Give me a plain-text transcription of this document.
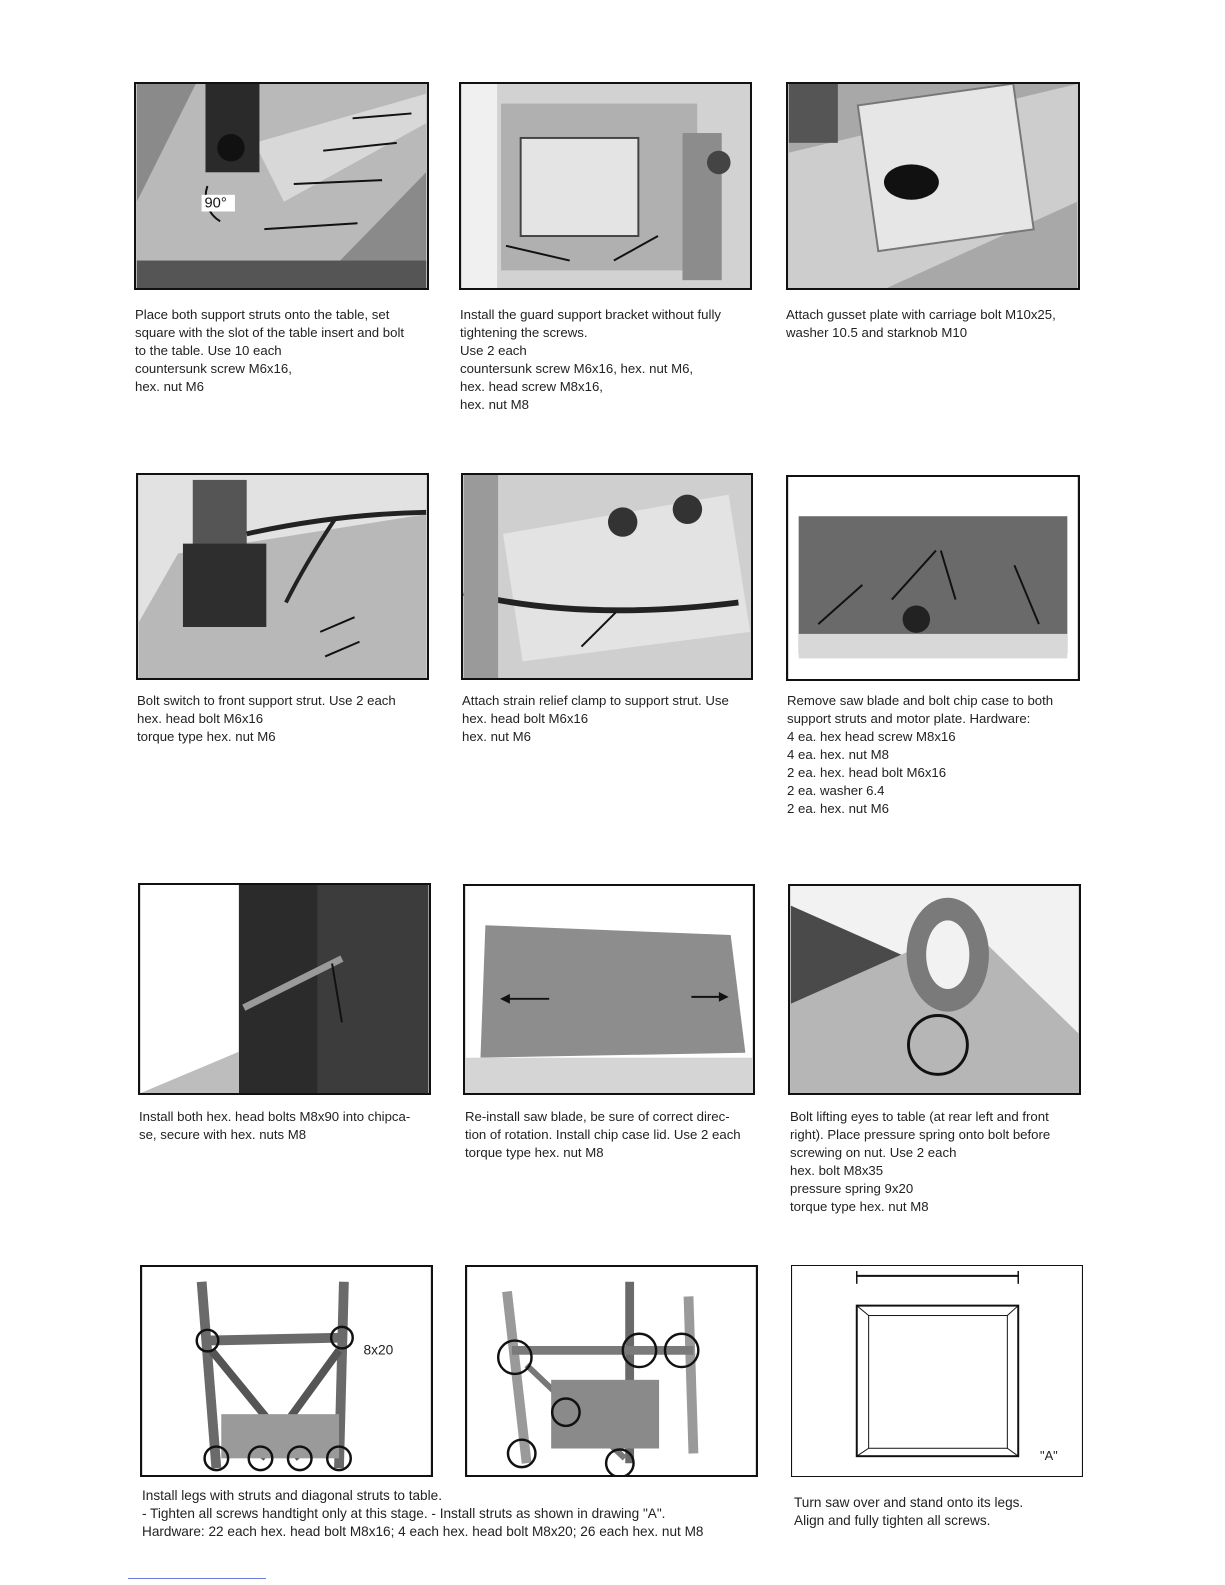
90°
Place both support struts onto the table, set
square with the slot of the table insert and bolt
to the table. Use 10 each
countersunk screw M6x16,
hex. nut M6
Install the guard support bracket without fully
tightening the screws.
Use 2 each
countersunk screw M6x16, hex. nut M6,
hex. head screw M8x16,
hex. nut M8
Attach gusset plate with carriage bolt M10x25,
washer 10.5 and starknob M10
Bolt switch to front support strut. Use 2 each
hex. head bolt M6x16
torque type hex. nut M6
Attach strain relief clamp to support strut. Use
hex. head bolt M6x16
hex. nut M6
Remove saw blade and bolt chip case to both
support struts and motor plate. Hardware:
4 ea. hex head screw M8x16
4 ea. hex. nut M8
2 ea. hex. head bolt M6x16
2 ea. washer 6.4
2 ea. hex. nut M6
Install both hex. head bolts M8x90 into chipca-
se, secure with hex. nuts M8
Re-install saw blade, be sure of correct direc-
tion of rotation. Install chip case lid. Use 2 each
torque type hex. nut M8
Bolt lifting eyes to table (at rear left and front
right). Place pressure spring onto bolt before
screwing on nut. Use 2 each
hex. bolt M8x35
pressure spring 9x20
torque type hex. nut M8
8x20
"A"
Install legs with struts and diagonal struts to table.
- Tighten all screws handtight only at this stage. - Install struts as shown in drawing "A".
Hardware: 22 each hex. head bolt M8x16; 4 each hex. head bolt M8x20; 26 each hex. nut M8
Turn saw over and stand onto its legs.
Align and fully tighten all screws.
